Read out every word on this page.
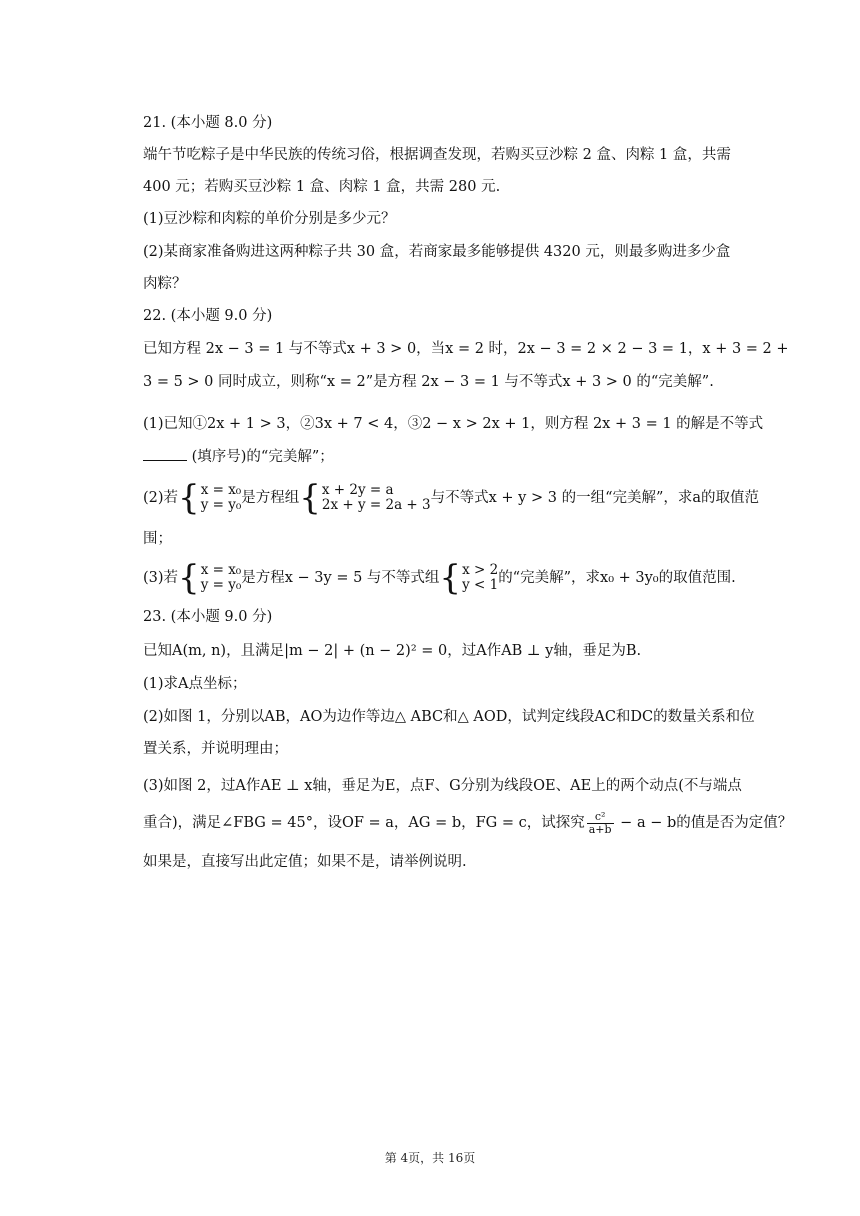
21. (本小题 8.0 分)
端午节吃粽子是中华民族的传统习俗，根据调查发现，若购买豆沙粽 2 盒、肉粽 1 盒，共需
400 元；若购买豆沙粽 1 盒、肉粽 1 盒，共需 280 元.
(1)豆沙粽和肉粽的单价分别是多少元？
(2)某商家准备购进这两种粽子共 30 盒，若商家最多能够提供 4320 元，则最多购进多少盒
肉粽？
22. (本小题 9.0 分)
已知方程 2x − 3 = 1 与不等式x + 3 > 0，当x = 2 时，2x − 3 = 2 × 2 − 3 = 1，x + 3 = 2 +
3 = 5 > 0 同时成立，则称“x = 2”是方程 2x − 3 = 1 与不等式x + 3 > 0 的“完美解”.
(1)已知①2x + 1 > 3，②3x + 7 < 4，③2 − x > 2x + 1，则方程 2x + 3 = 1 的解是不等式
(填序号)的“完美解”；
(2)若{ x = x₀
y = y₀ 是方程组{ x + 2y = a
2x + y = 2a + 3 与不等式x + y > 3 的一组“完美解”，求a的取值范
围；
(3)若{ x = x₀
y = y₀ 是方程x − 3y = 5 与不等式组{ x > 2
y < 1 的“完美解”，求x₀ + 3y₀的取值范围.
23. (本小题 9.0 分)
已知A(m, n)，且满足|m − 2| + (n − 2)² = 0，过A作AB ⊥ y轴，垂足为B.
(1)求A点坐标；
(2)如图 1，分别以AB，AO为边作等边△ ABC和△ AOD，试判定线段AC和DC的数量关系和位
置关系，并说明理由；
(3)如图 2，过A作AE ⊥ x轴，垂足为E，点F、G分别为线段OE、AE上的两个动点(不与端点
重合)，满足∠FBG = 45°，设OF = a，AG = b，FG = c，试探究 $\frac{\text{c²}}{a+b} - a - b$的值是否为定值？
如果是，直接写出此定值；如果不是，请举例说明.
第 4页，共 16页
